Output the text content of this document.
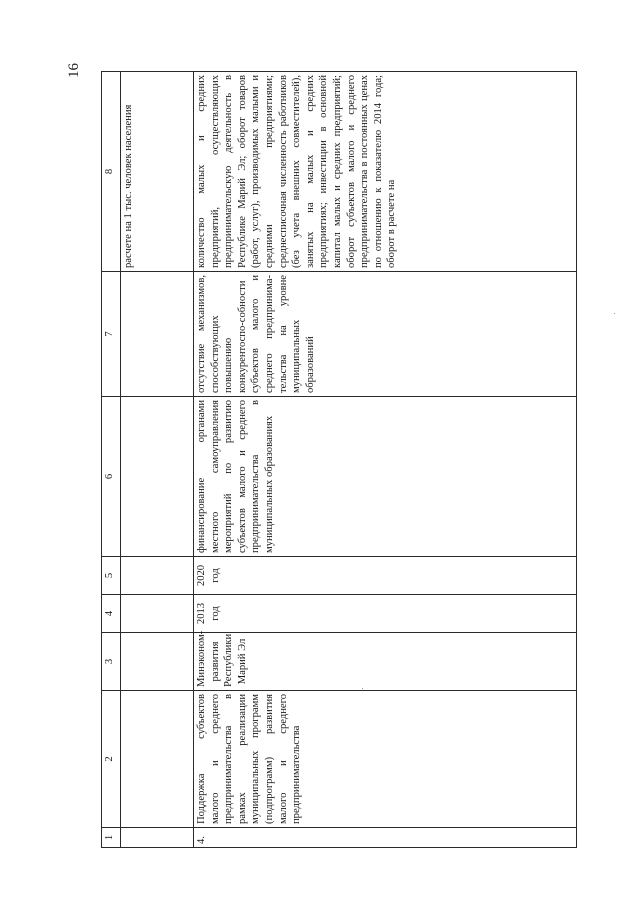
16
1	2	3	4	5	6	7	8
							расчете на 1 тыс. человек населения
4.	Поддержка субъектов малого и среднего предпринимательства в рамках реализации муниципальных программ (подпрограмм) развития малого и среднего предпринимательства	Минэконом-развития Республики Марий Эл	2013 год	2020 год	финансирование органами местного самоуправления мероприятий по развитию субъектов малого и среднего предпринимательства в муниципальных образованиях	отсутствие механизмов, способствующих повышению конкурентоспо-собности субъектов малого и среднего предпринима-тельства на уровне муниципальных образований	количество малых и средних предприятий, осуществляющих предпринимательскую деятельность в Республике Марий Эл; оборот товаров (работ, услуг), производимых малыми и средними предприятиями; среднесписочная численность работников (без учета внешних совместителей), занятых на малых и средних предприятиях; инвестиции в основной капитал малых и средних предприятий; оборот субъектов малого и среднего предпринимательства в постоянных ценах по отношению к показателю 2014 года; оборот в расчете на
